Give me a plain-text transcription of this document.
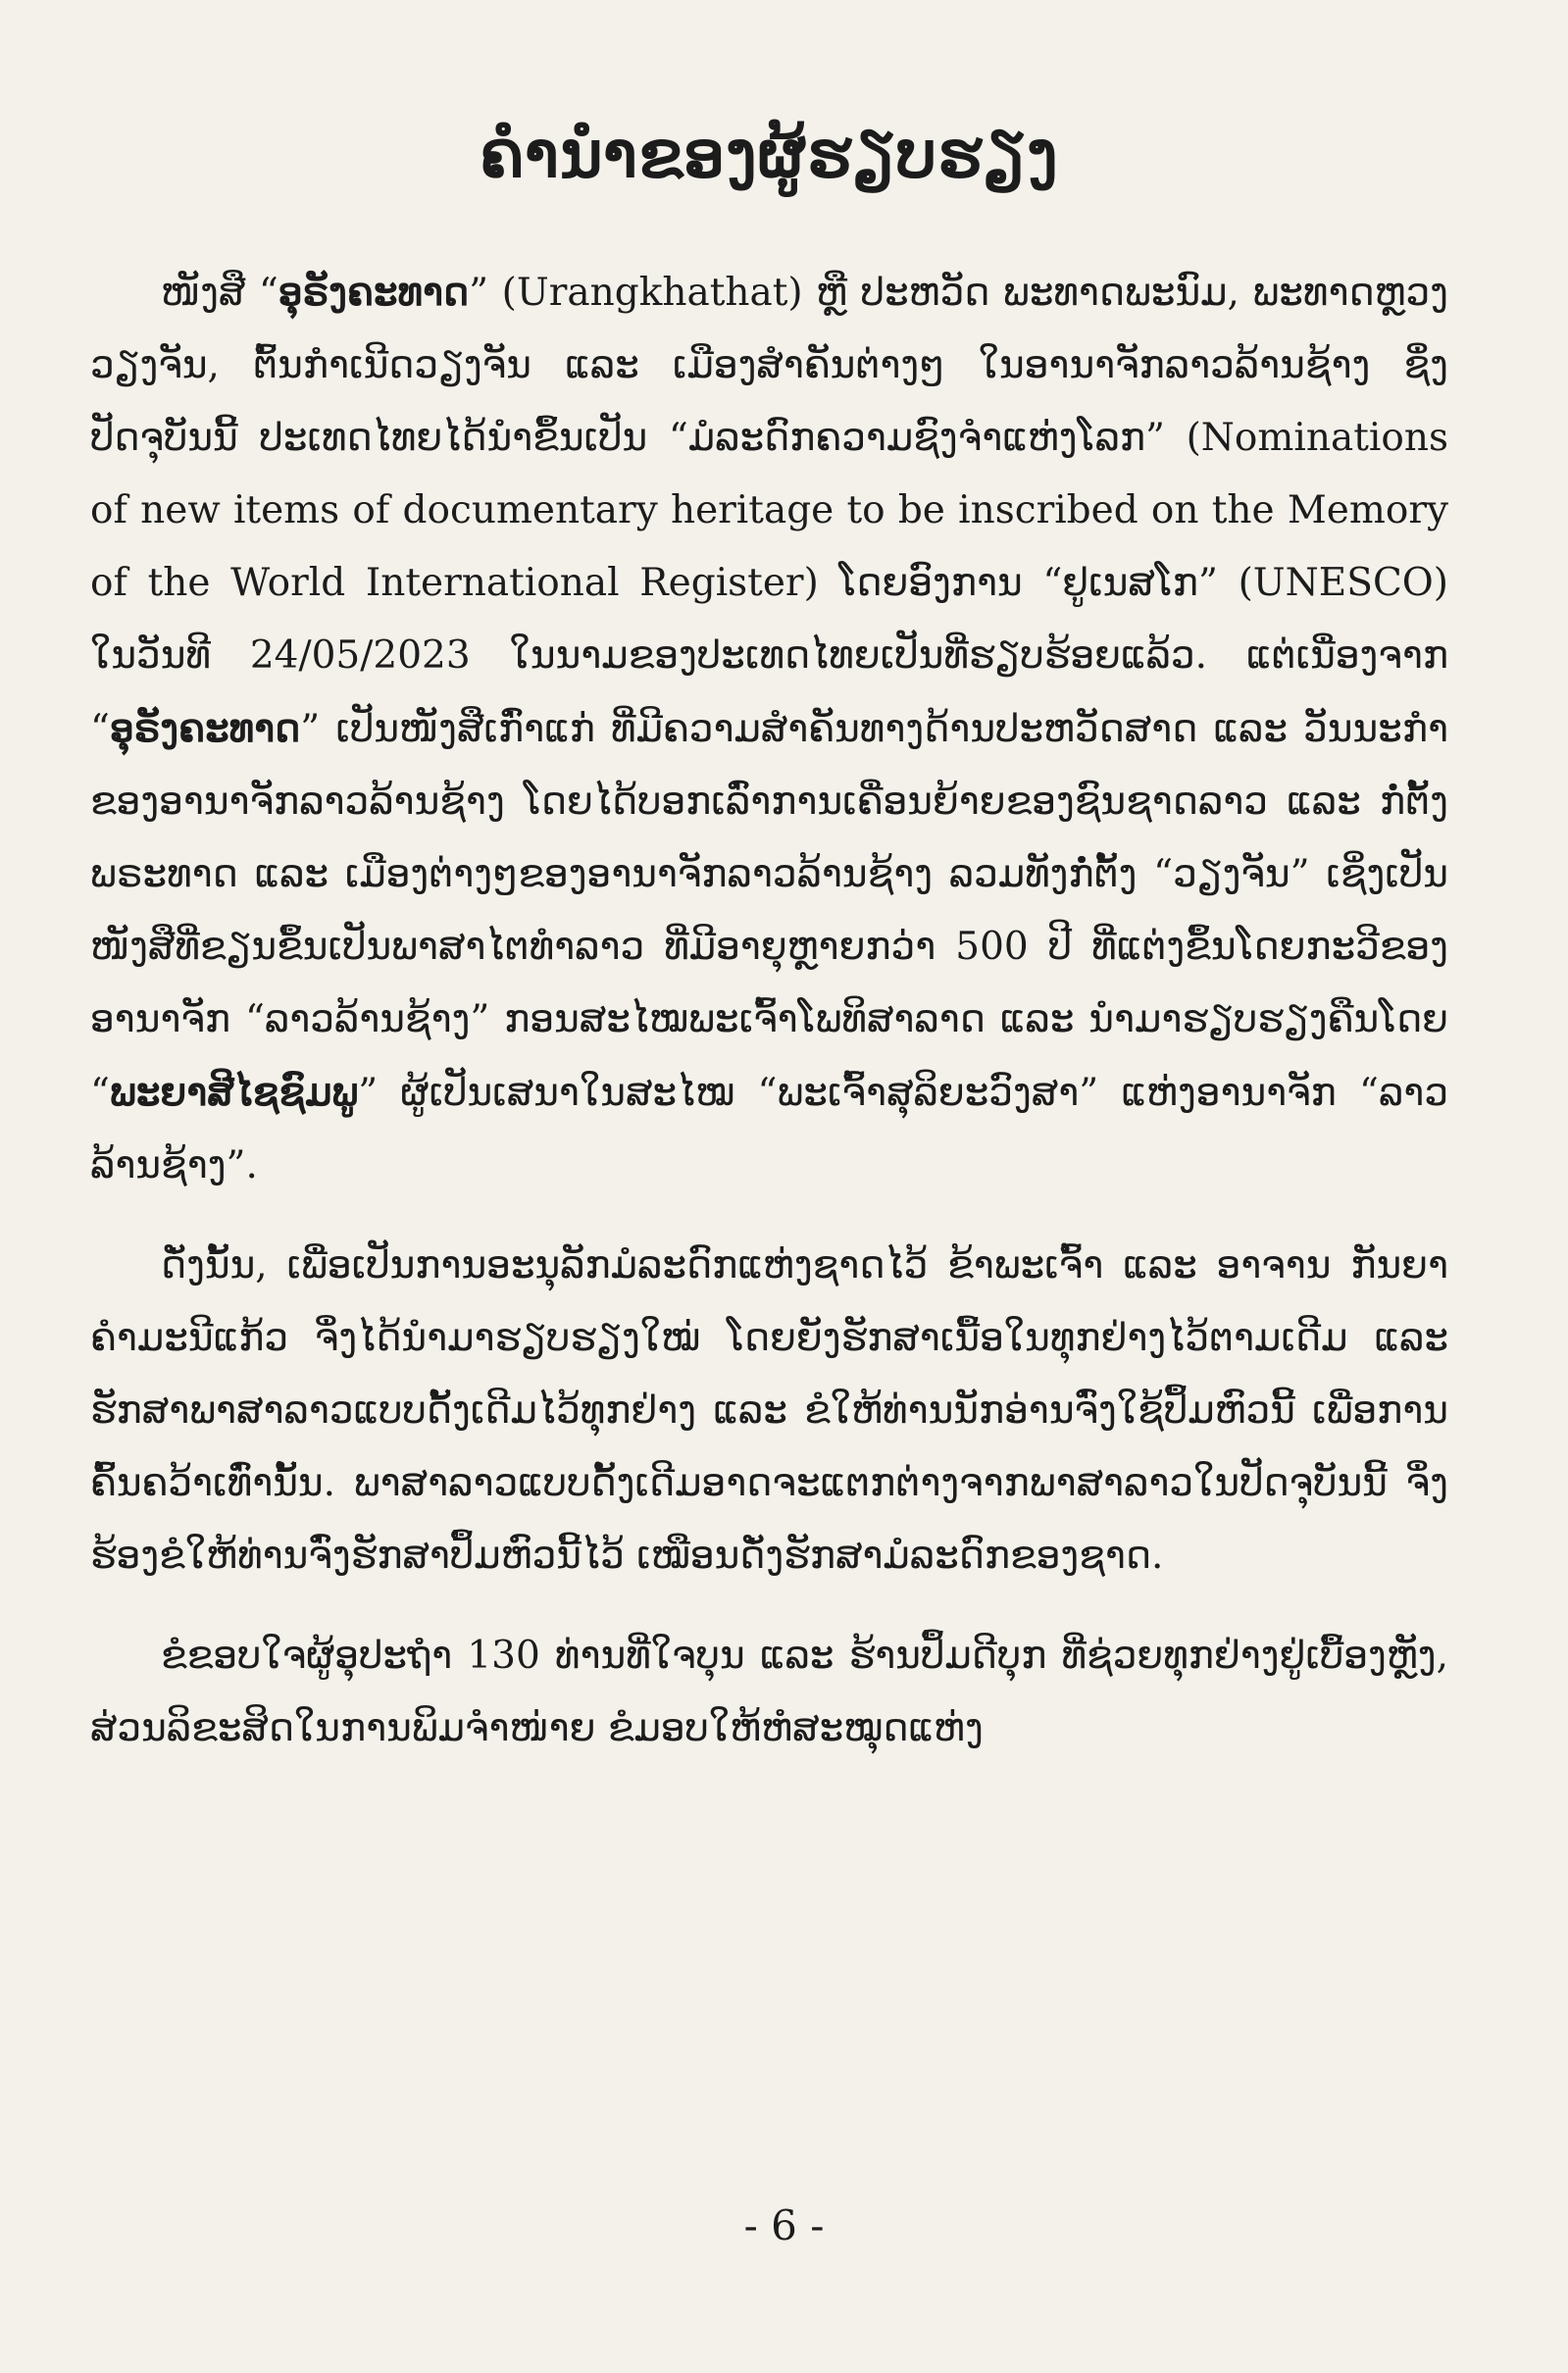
ຄຳນຳຂອງຜູ້ຮຽບຮຽງ

ໜັງສື “ອຸຣັງຄະທາດ” (Urangkhathat) ຫຼື ປະຫວັດ ພະທາດພະນົມ, ພະທາດຫຼວງວຽງຈັນ, ຕົ້ນກຳເນີດວຽງຈັນ ແລະ ເມືອງສຳຄັນຕ່າງໆ ໃນອານາຈັກລາວລ້ານຊ້າງ ຊຶ່ງປັດຈຸບັນນີ້ ປະເທດໄທຍໄດ້ນຳຂຶ້ນເປັນ “ມໍລະດົກຄວາມຊົງຈຳແຫ່ງໂລກ” (Nominations of new items of documentary heritage to be inscribed on the Memory of the World International Register) ໂດຍອົງການ “ຢູເນສໂກ” (UNESCO) ໃນວັນທີ 24/05/2023 ໃນນາມຂອງປະເທດໄທຍເປັນທີ່ຮຽບຮ້ອຍແລ້ວ. ແຕ່ເນື່ອງຈາກ “ອຸຣັງຄະທາດ” ເປັນໜັງສືເກົ່າແກ່ ທີ່ມີຄວາມສຳຄັນທາງດ້ານປະຫວັດສາດ ແລະ ວັນນະກຳຂອງອານາຈັກລາວລ້ານຊ້າງ ໂດຍໄດ້ບອກເລົ່າການເຄື່ອນຍ້າຍຂອງຊົນຊາດລາວ ແລະ ກໍ່ຕັ້ງພຣະທາດ ແລະ ເມືອງຕ່າງໆຂອງອານາຈັກລາວລ້ານຊ້າງ ລວມທັງກໍ່ຕັ້ງ “ວຽງຈັນ” ເຊິ່ງເປັນໜັງສືທີ່ຂຽນຂຶ້ນເປັນພາສາໄຕທຳລາວ ທີ່ມີອາຍຸຫຼາຍກວ່າ 500 ປີ ທີ່ແຕ່ງຂຶ້ນໂດຍກະວີຂອງອານາຈັກ “ລາວລ້ານຊ້າງ” ກອນສະໄໝພະເຈົ້າໂພທິສາລາດ ແລະ ນຳມາຮຽບຮຽງຄືນໂດຍ “ພະຍາສີໄຊຊົມພູ” ຜູ້ເປັນເສນາໃນສະໄໝ “ພະເຈົ້າສຸລິຍະວົງສາ” ແຫ່ງອານາຈັກ “ລາວລ້ານຊ້າງ”.

ດັ່ງນັ້ນ, ເພື່ອເປັນການອະນຸລັກມໍລະດົກແຫ່ງຊາດໄວ້ ຂ້າພະເຈົ້າ ແລະ ອາຈານ ກັນຍາ ຄຳມະນີແກ້ວ ຈຶ່ງໄດ້ນຳມາຮຽບຮຽງໃໝ່ ໂດຍຍັງຮັກສາເນື້ອໃນທຸກຢ່າງໄວ້ຕາມເດີມ ແລະ ຮັກສາພາສາລາວແບບດັ້ງເດີມໄວ້ທຸກຢ່າງ ແລະ ຂໍໃຫ້ທ່ານນັກອ່ານຈົ່ງໃຊ້ປຶ້ມຫົວນີ້ ເພື່ອການຄົ້ນຄວ້າເທົ່ານັ້ນ. ພາສາລາວແບບດັ້ງເດີມອາດຈະແຕກຕ່າງຈາກພາສາລາວໃນປັດຈຸບັນນີ້ ຈຶ່ງຮ້ອງຂໍໃຫ້ທ່ານຈົ່ງຮັກສາປຶ້ມຫົວນີ້ໄວ້ ເໝືອນດັ່ງຮັກສາມໍລະດົກຂອງຊາດ.

ຂໍຂອບໃຈຜູ້ອຸປະຖຳ 130 ທ່ານທີ່ໃຈບຸນ ແລະ ຮ້ານປຶ້ມດີບຸກ ທີ່ຊ່ວຍທຸກຢ່າງຢູ່ເບື້ອງຫຼັງ, ສ່ວນລິຂະສິດໃນການພິມຈຳໜ່າຍ ຂໍມອບໃຫ້ຫໍສະໝຸດແຫ່ງ

- 6 -
